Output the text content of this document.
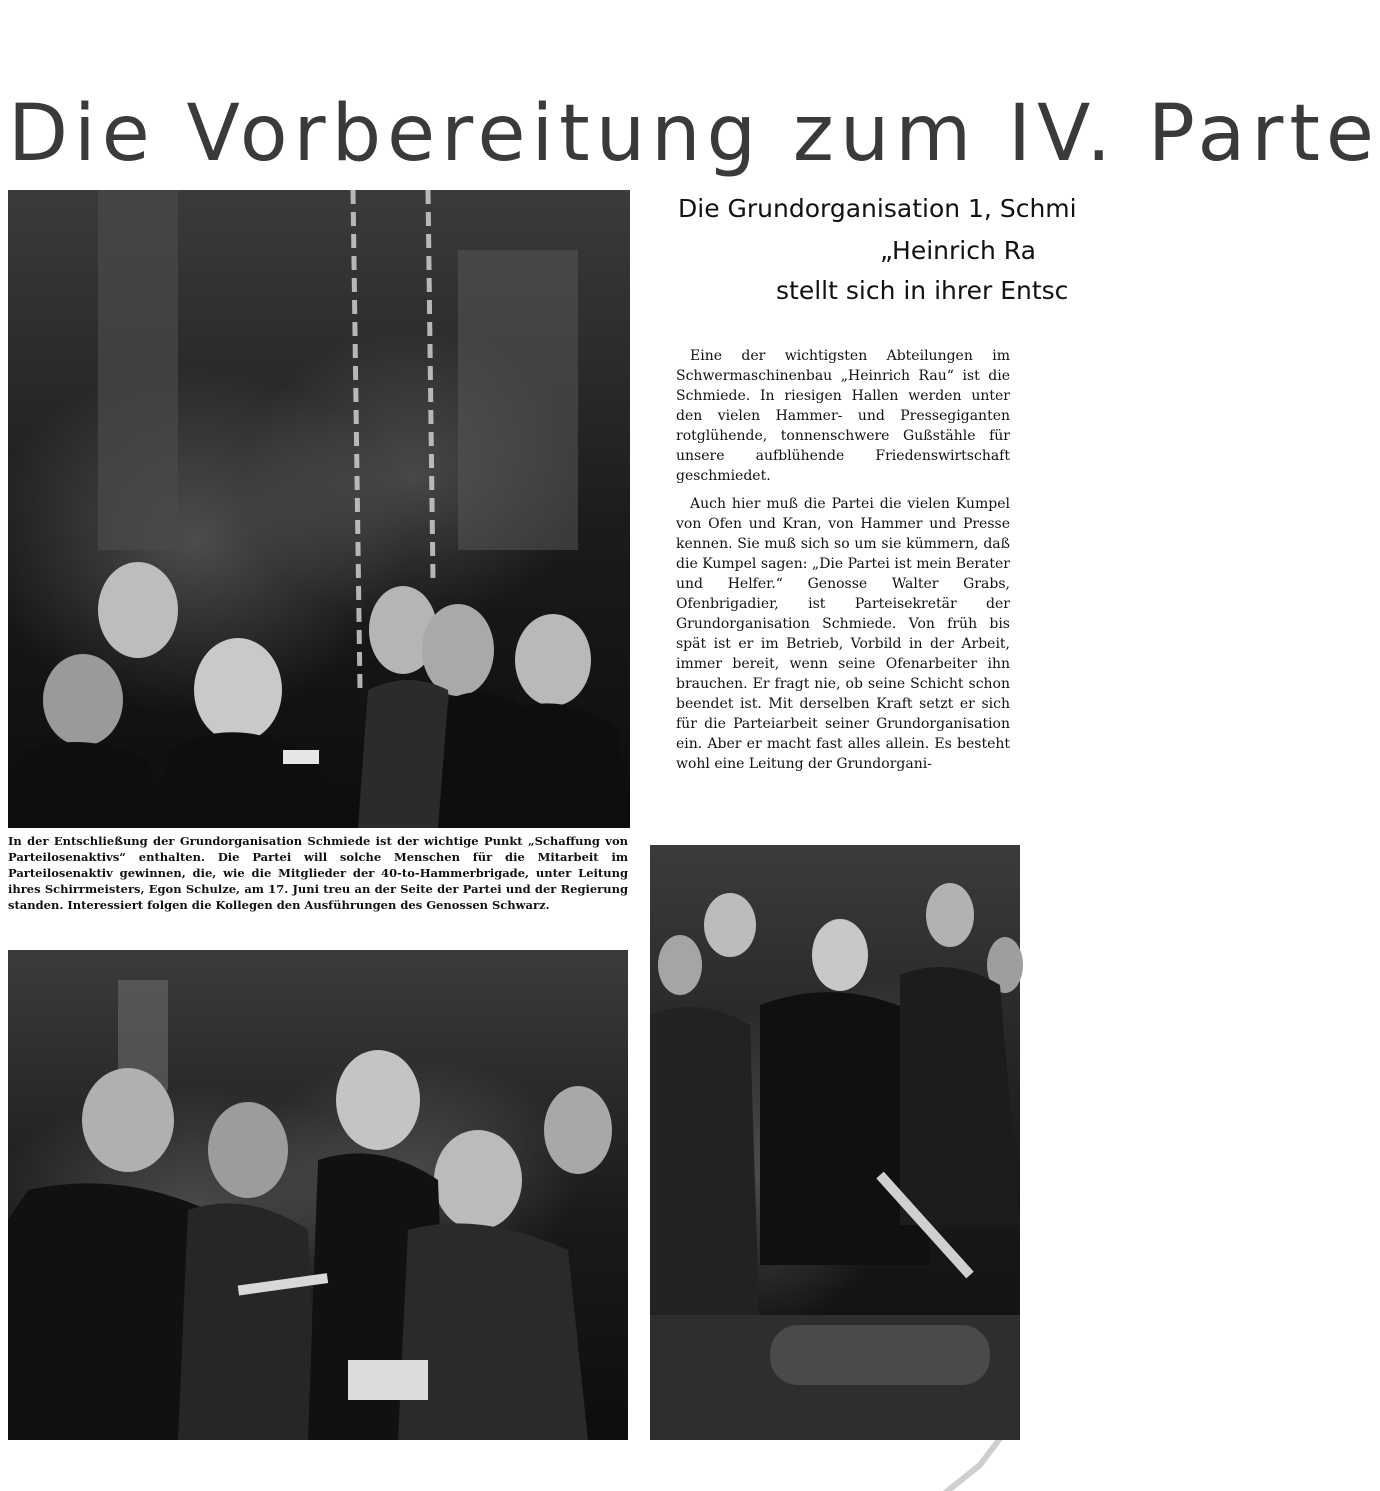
Die Vorbereitung zum IV. Parte
Die Grundorganisation 1, Schmi
„Heinrich Ra
stellt sich in ihrer Entsc

Eine der wichtigsten Abteilungen im Schwermaschinenbau „Heinrich Rau“ ist die Schmiede. In riesigen Hallen werden unter den vielen Hammer- und Pressegiganten rotglühende, tonnenschwere Gußstähle für unsere aufblühende Friedenswirtschaft geschmiedet.

Auch hier muß die Partei die vielen Kumpel von Ofen und Kran, von Hammer und Presse kennen. Sie muß sich so um sie kümmern, daß die Kumpel sagen: „Die Partei ist mein Berater und Helfer.“ Genosse Walter Grabs, Ofenbrigadier, ist Parteisekretär der Grundorganisation Schmiede. Von früh bis spät ist er im Betrieb, Vorbild in der Arbeit, immer bereit, wenn seine Ofenarbeiter ihn brauchen. Er fragt nie, ob seine Schicht schon beendet ist. Mit derselben Kraft setzt er sich für die Parteiarbeit seiner Grundorganisation ein. Aber er macht fast alles allein. Es besteht wohl eine Leitung der Grundorgani-

In der Entschließung der Grundorganisation Schmiede ist der wichtige Punkt „Schaffung von Parteilosenaktivs“ enthalten. Die Partei will solche Menschen für die Mitarbeit im Parteilosenaktiv gewinnen, die, wie die Mitglieder der 40-to-Hammerbrigade, unter Leitung ihres Schirrmeisters, Egon Schulze, am 17. Juni treu an der Seite der Partei und der Regierung standen. Interessiert folgen die Kollegen den Ausführungen des Genossen Schwarz.
